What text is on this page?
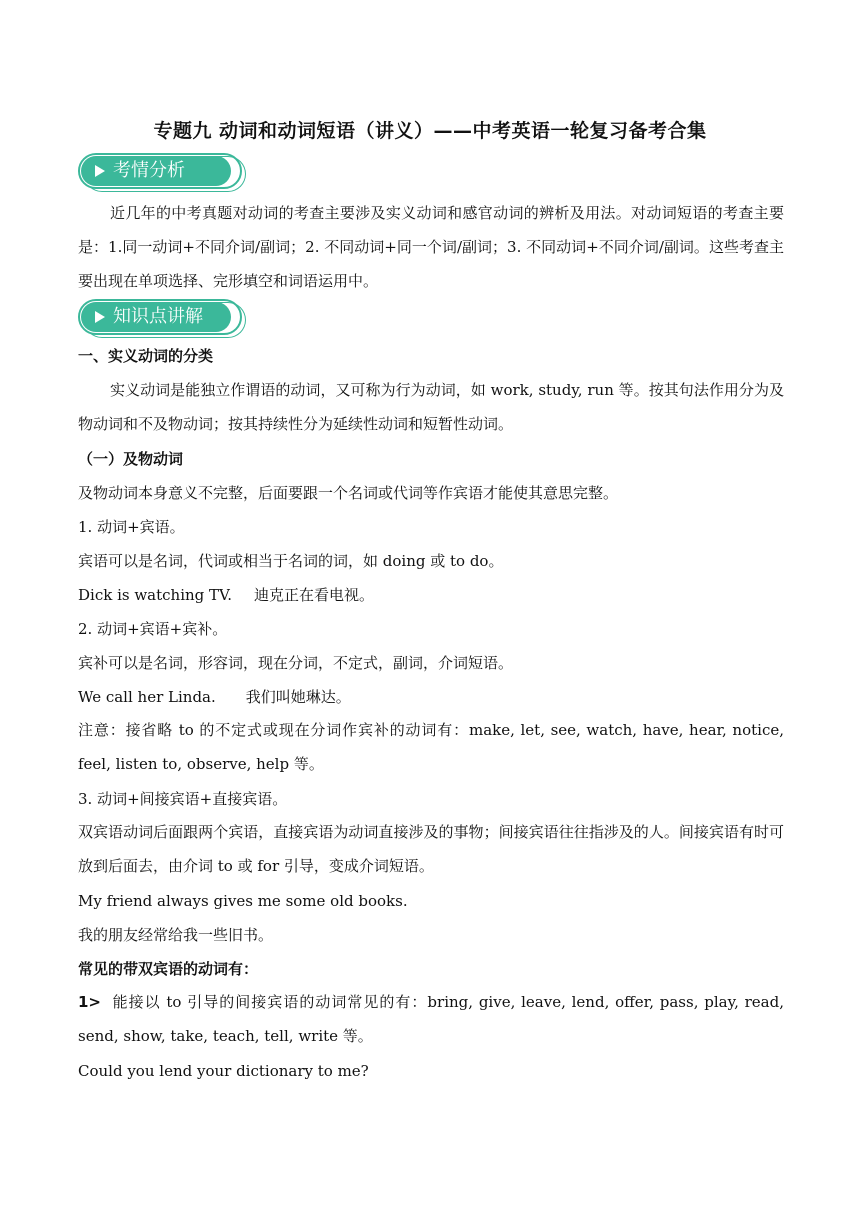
专题九 动词和动词短语（讲义）——中考英语一轮复习备考合集
考情分析
近几年的中考真题对动词的考查主要涉及实义动词和感官动词的辨析及用法。对动词短语的考查主要是：1.同一动词+不同介词/副词；2. 不同动词+同一个词/副词；3. 不同动词+不同介词/副词。这些考查主要出现在单项选择、完形填空和词语运用中。
知识点讲解
一、实义动词的分类
实义动词是能独立作谓语的动词，又可称为行为动词，如 work, study, run 等。按其句法作用分为及物动词和不及物动词；按其持续性分为延续性动词和短暂性动词。
（一）及物动词
及物动词本身意义不完整，后面要跟一个名词或代词等作宾语才能使其意思完整。
1. 动词+宾语。
宾语可以是名词，代词或相当于名词的词，如 doing 或 to do。
Dick is watching TV. 迪克正在看电视。
2. 动词+宾语+宾补。
宾补可以是名词，形容词，现在分词，不定式，副词，介词短语。
We call her Linda. 我们叫她琳达。
注意：接省略 to 的不定式或现在分词作宾补的动词有：make, let, see, watch, have, hear, notice, feel, listen to, observe, help 等。
3. 动词+间接宾语+直接宾语。
双宾语动词后面跟两个宾语，直接宾语为动词直接涉及的事物；间接宾语往往指涉及的人。间接宾语有时可放到后面去，由介词 to 或 for 引导，变成介词短语。
My friend always gives me some old books.
我的朋友经常给我一些旧书。
常见的带双宾语的动词有：
1> 能接以 to 引导的间接宾语的动词常见的有：bring, give, leave, lend, offer, pass, play, read, send, show, take, teach, tell, write 等。
Could you lend your dictionary to me?
